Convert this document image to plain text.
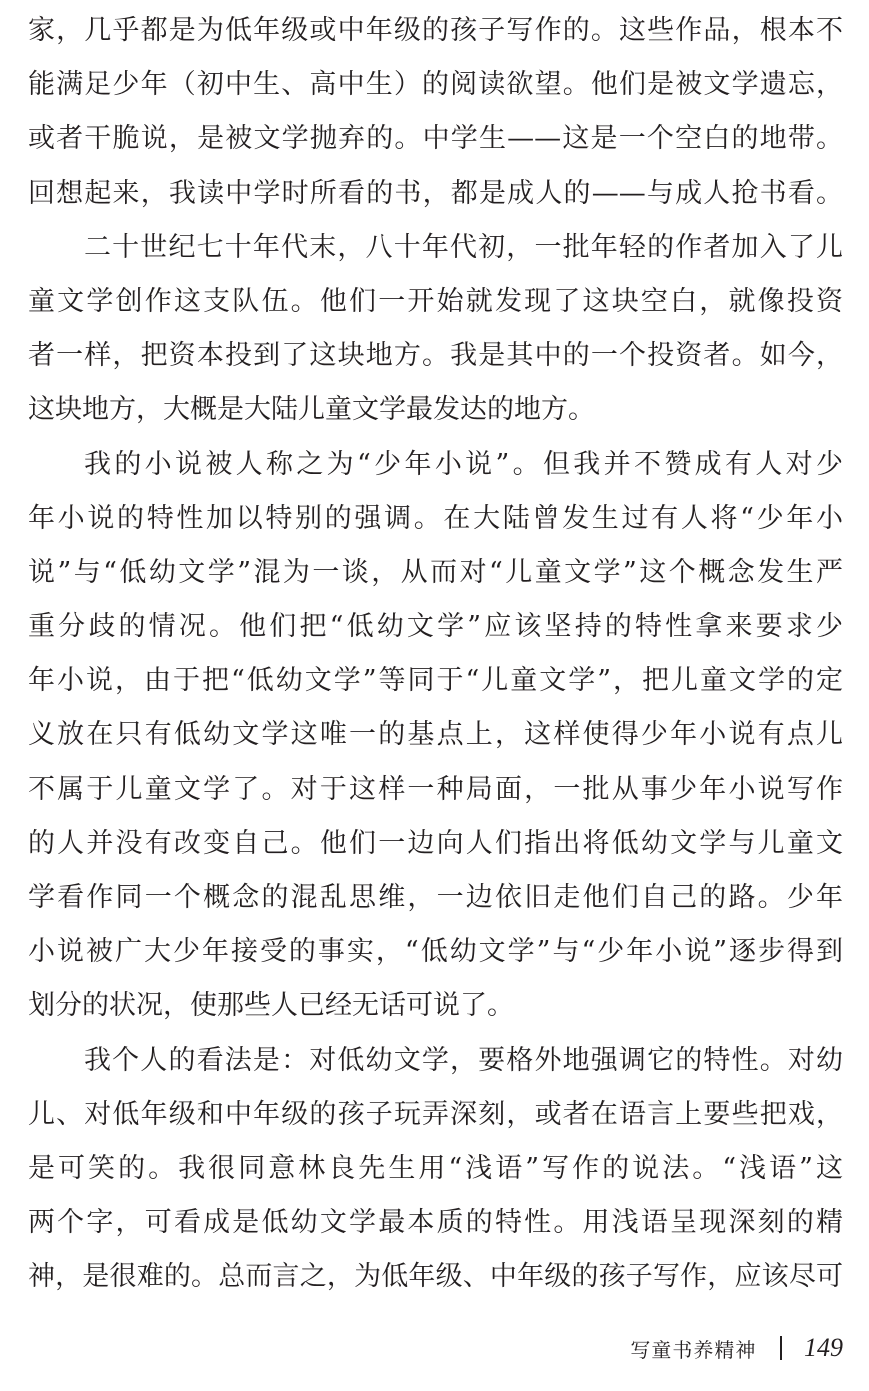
家，几乎都是为低年级或中年级的孩子写作的。这些作品，根本不
能满足少年（初中生、高中生）的阅读欲望。他们是被文学遗忘，
或者干脆说，是被文学抛弃的。中学生——这是一个空白的地带。
回想起来，我读中学时所看的书，都是成人的——与成人抢书看。
二十世纪七十年代末，八十年代初，一批年轻的作者加入了儿
童文学创作这支队伍。他们一开始就发现了这块空白，就像投资
者一样，把资本投到了这块地方。我是其中的一个投资者。如今，
这块地方，大概是大陆儿童文学最发达的地方。
我的小说被人称之为“少年小说”。但我并不赞成有人对少
年小说的特性加以特别的强调。在大陆曾发生过有人将“少年小
说”与“低幼文学”混为一谈，从而对“儿童文学”这个概念发生严
重分歧的情况。他们把“低幼文学”应该坚持的特性拿来要求少
年小说，由于把“低幼文学”等同于“儿童文学”，把儿童文学的定
义放在只有低幼文学这唯一的基点上，这样使得少年小说有点儿
不属于儿童文学了。对于这样一种局面，一批从事少年小说写作
的人并没有改变自己。他们一边向人们指出将低幼文学与儿童文
学看作同一个概念的混乱思维，一边依旧走他们自己的路。少年
小说被广大少年接受的事实，“低幼文学”与“少年小说”逐步得到
划分的状况，使那些人已经无话可说了。
我个人的看法是：对低幼文学，要格外地强调它的特性。对幼
儿、对低年级和中年级的孩子玩弄深刻，或者在语言上要些把戏，
是可笑的。我很同意林良先生用“浅语”写作的说法。“浅语”这
两个字，可看成是低幼文学最本质的特性。用浅语呈现深刻的精
神，是很难的。总而言之，为低年级、中年级的孩子写作，应该尽可
写童书养精神 149
